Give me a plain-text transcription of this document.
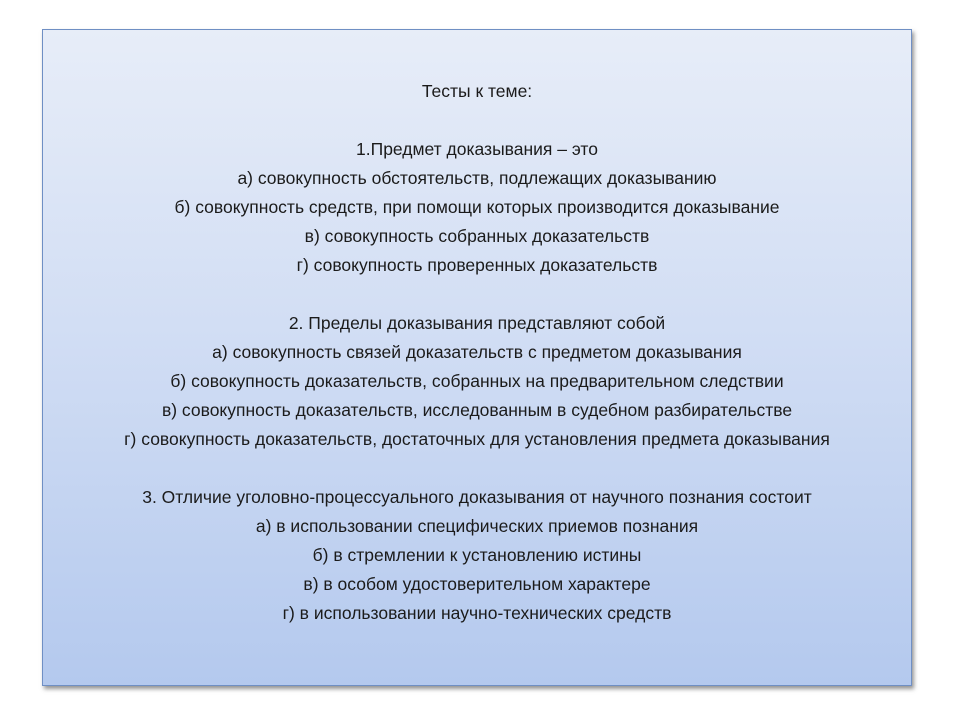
Тесты к теме:
1.Предмет доказывания – это
а) совокупность обстоятельств, подлежащих доказыванию
б) совокупность средств, при помощи которых производится доказывание
в) совокупность собранных доказательств
г) совокупность проверенных доказательств
2. Пределы доказывания представляют собой
а) совокупность связей доказательств с предметом доказывания
б) совокупность доказательств, собранных на предварительном следствии
в) совокупность доказательств, исследованным в судебном разбирательстве
г) совокупность доказательств, достаточных для установления предмета доказывания
3. Отличие уголовно-процессуального доказывания от научного познания состоит
а) в использовании специфических приемов познания
б) в стремлении к установлению истины
в) в особом удостоверительном характере
г) в использовании научно-технических средств
